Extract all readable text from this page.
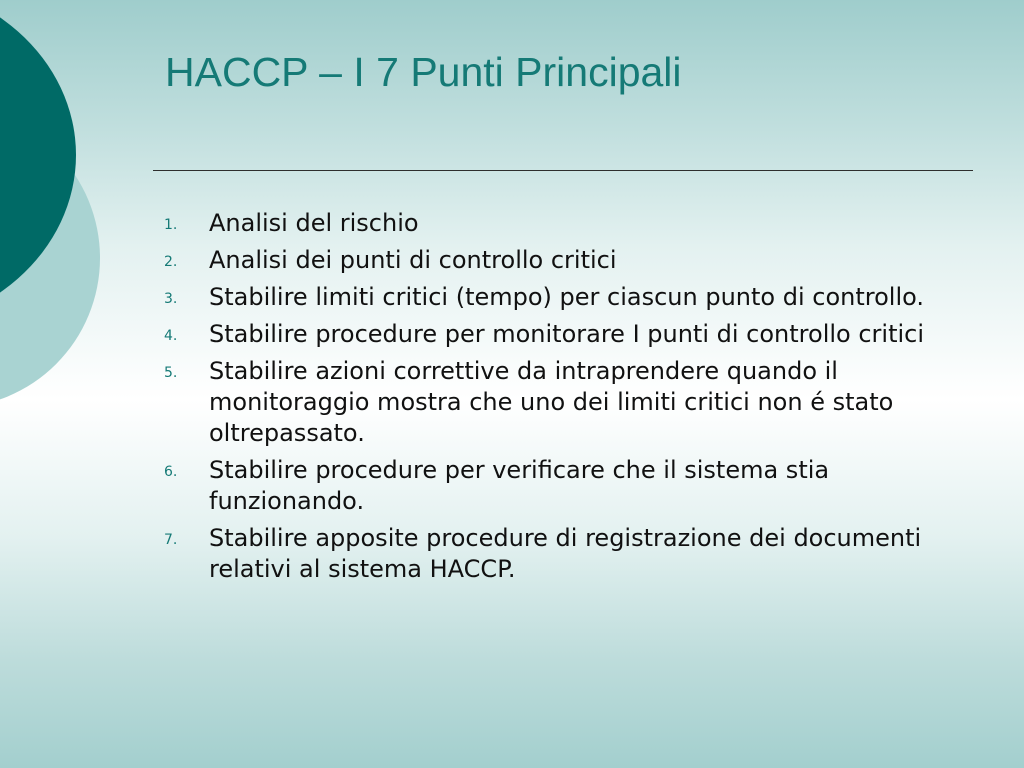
HACCP – I 7 Punti Principali
1. Analisi del rischio
2. Analisi dei punti di controllo critici
3. Stabilire limiti critici (tempo) per ciascun punto di controllo.
4. Stabilire procedure per monitorare I punti di controllo critici
5. Stabilire azioni correttive da intraprendere quando il monitoraggio mostra che uno dei limiti critici non é stato oltrepassato.
6. Stabilire procedure per verificare che il sistema stia funzionando.
7. Stabilire apposite procedure di registrazione dei documenti relativi al sistema HACCP.
